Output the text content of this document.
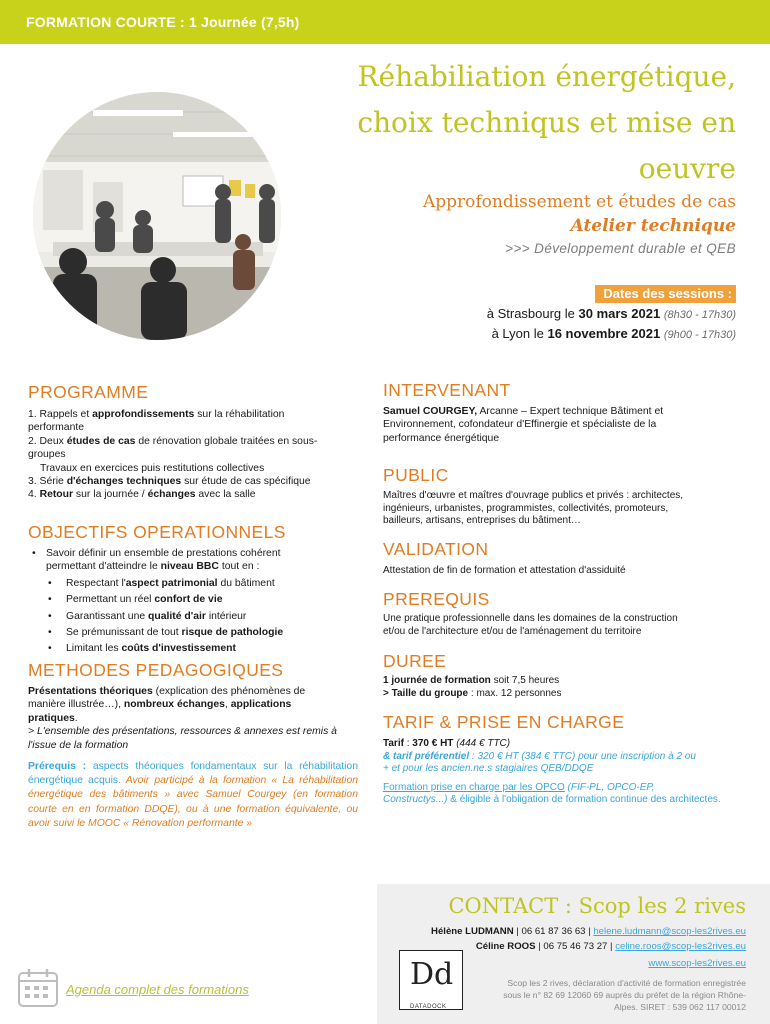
FORMATION COURTE : 1 Journée (7,5h)
Réhabiliation énergétique,
choix techniqus et mise en
oeuvre
Approfondissement et études de cas
Atelier technique
>>> Développement durable et QEB
Dates des sessions :
à Strasbourg le 30 mars 2021 (8h30 - 17h30)
à Lyon le 16 novembre 2021 (9h00 - 17h30)
PROGRAMME
1. Rappels et approfondissements sur la réhabilitation
performante
2. Deux études de cas de rénovation globale traitées en sous-
groupes
Travaux en exercices puis restitutions collectives
3. Série d'échanges techniques sur étude de cas spécifique
4. Retour sur la journée / échanges avec la salle
OBJECTIFS OPERATIONNELS
• Savoir définir un ensemble de prestations cohérent
permettant d'atteindre le niveau BBC tout en :
• Respectant l'aspect patrimonial du bâtiment
• Permettant un réel confort de vie
• Garantissant une qualité d'air intérieur
• Se prémunissant de tout risque de pathologie
• Limitant les coûts d'investissement
METHODES PEDAGOGIQUES
Présentations théoriques (explication des phénomènes de
manière illustrée…), nombreux échanges, applications
pratiques.
> L'ensemble des présentations, ressources & annexes est remis à
l'issue de la formation
Prérequis : aspects théoriques fondamentaux sur la réhabilitation énergétique acquis. Avoir participé à la formation « La réhabilitation énergétique des bâtiments » avec Samuel Courgey (en formation courte en en formation DDQE), ou à une formation équivalente, ou avoir suivi le MOOC « Rénovation performante »
INTERVENANT
Samuel COURGEY, Arcanne – Expert technique Bâtiment et
Environnement, cofondateur d'Effinergie et spécialiste de la
performance énergétique
PUBLIC
Maîtres d'œuvre et maîtres d'ouvrage publics et privés : architectes,
ingénieurs, urbanistes, programmistes, collectivités, promoteurs,
bailleurs, artisans, entreprises du bâtiment…
VALIDATION
Attestation de fin de formation et attestation d'assiduité
PREREQUIS
Une pratique professionnelle dans les domaines de la construction
et/ou de l'architecture et/ou de l'aménagement du territoire
DUREE
1 journée de formation soit 7,5 heures
> Taille du groupe : max. 12 personnes
TARIF & PRISE EN CHARGE
Tarif : 370 € HT (444 € TTC)
& tarif préférentiel : 320 € HT (384 € TTC) pour une inscription à 2 ou
+ et pour les ancien.ne.s stagiaires QEB/DDQE
Formation prise en charge par les OPCO (FIF-PL, OPCO-EP,
Constructys...) & éligible à l'obligation de formation continue des architectes.
CONTACT : Scop les 2 rives
Hélène LUDMANN | 06 61 87 36 63 | helene.ludmann@scop-les2rives.eu
Céline ROOS | 06 75 46 73 27 | celine.roos@scop-les2rives.eu
www.scop-les2rives.eu
Scop les 2 rives, déclaration d'activité de formation enregistrée
sous le n° 82 69 12060 69 auprès du préfet de la région Rhône-
Alpes. SIRET : 539 062 117 00012
Dd
DATADOCK
Agenda complet des formations
